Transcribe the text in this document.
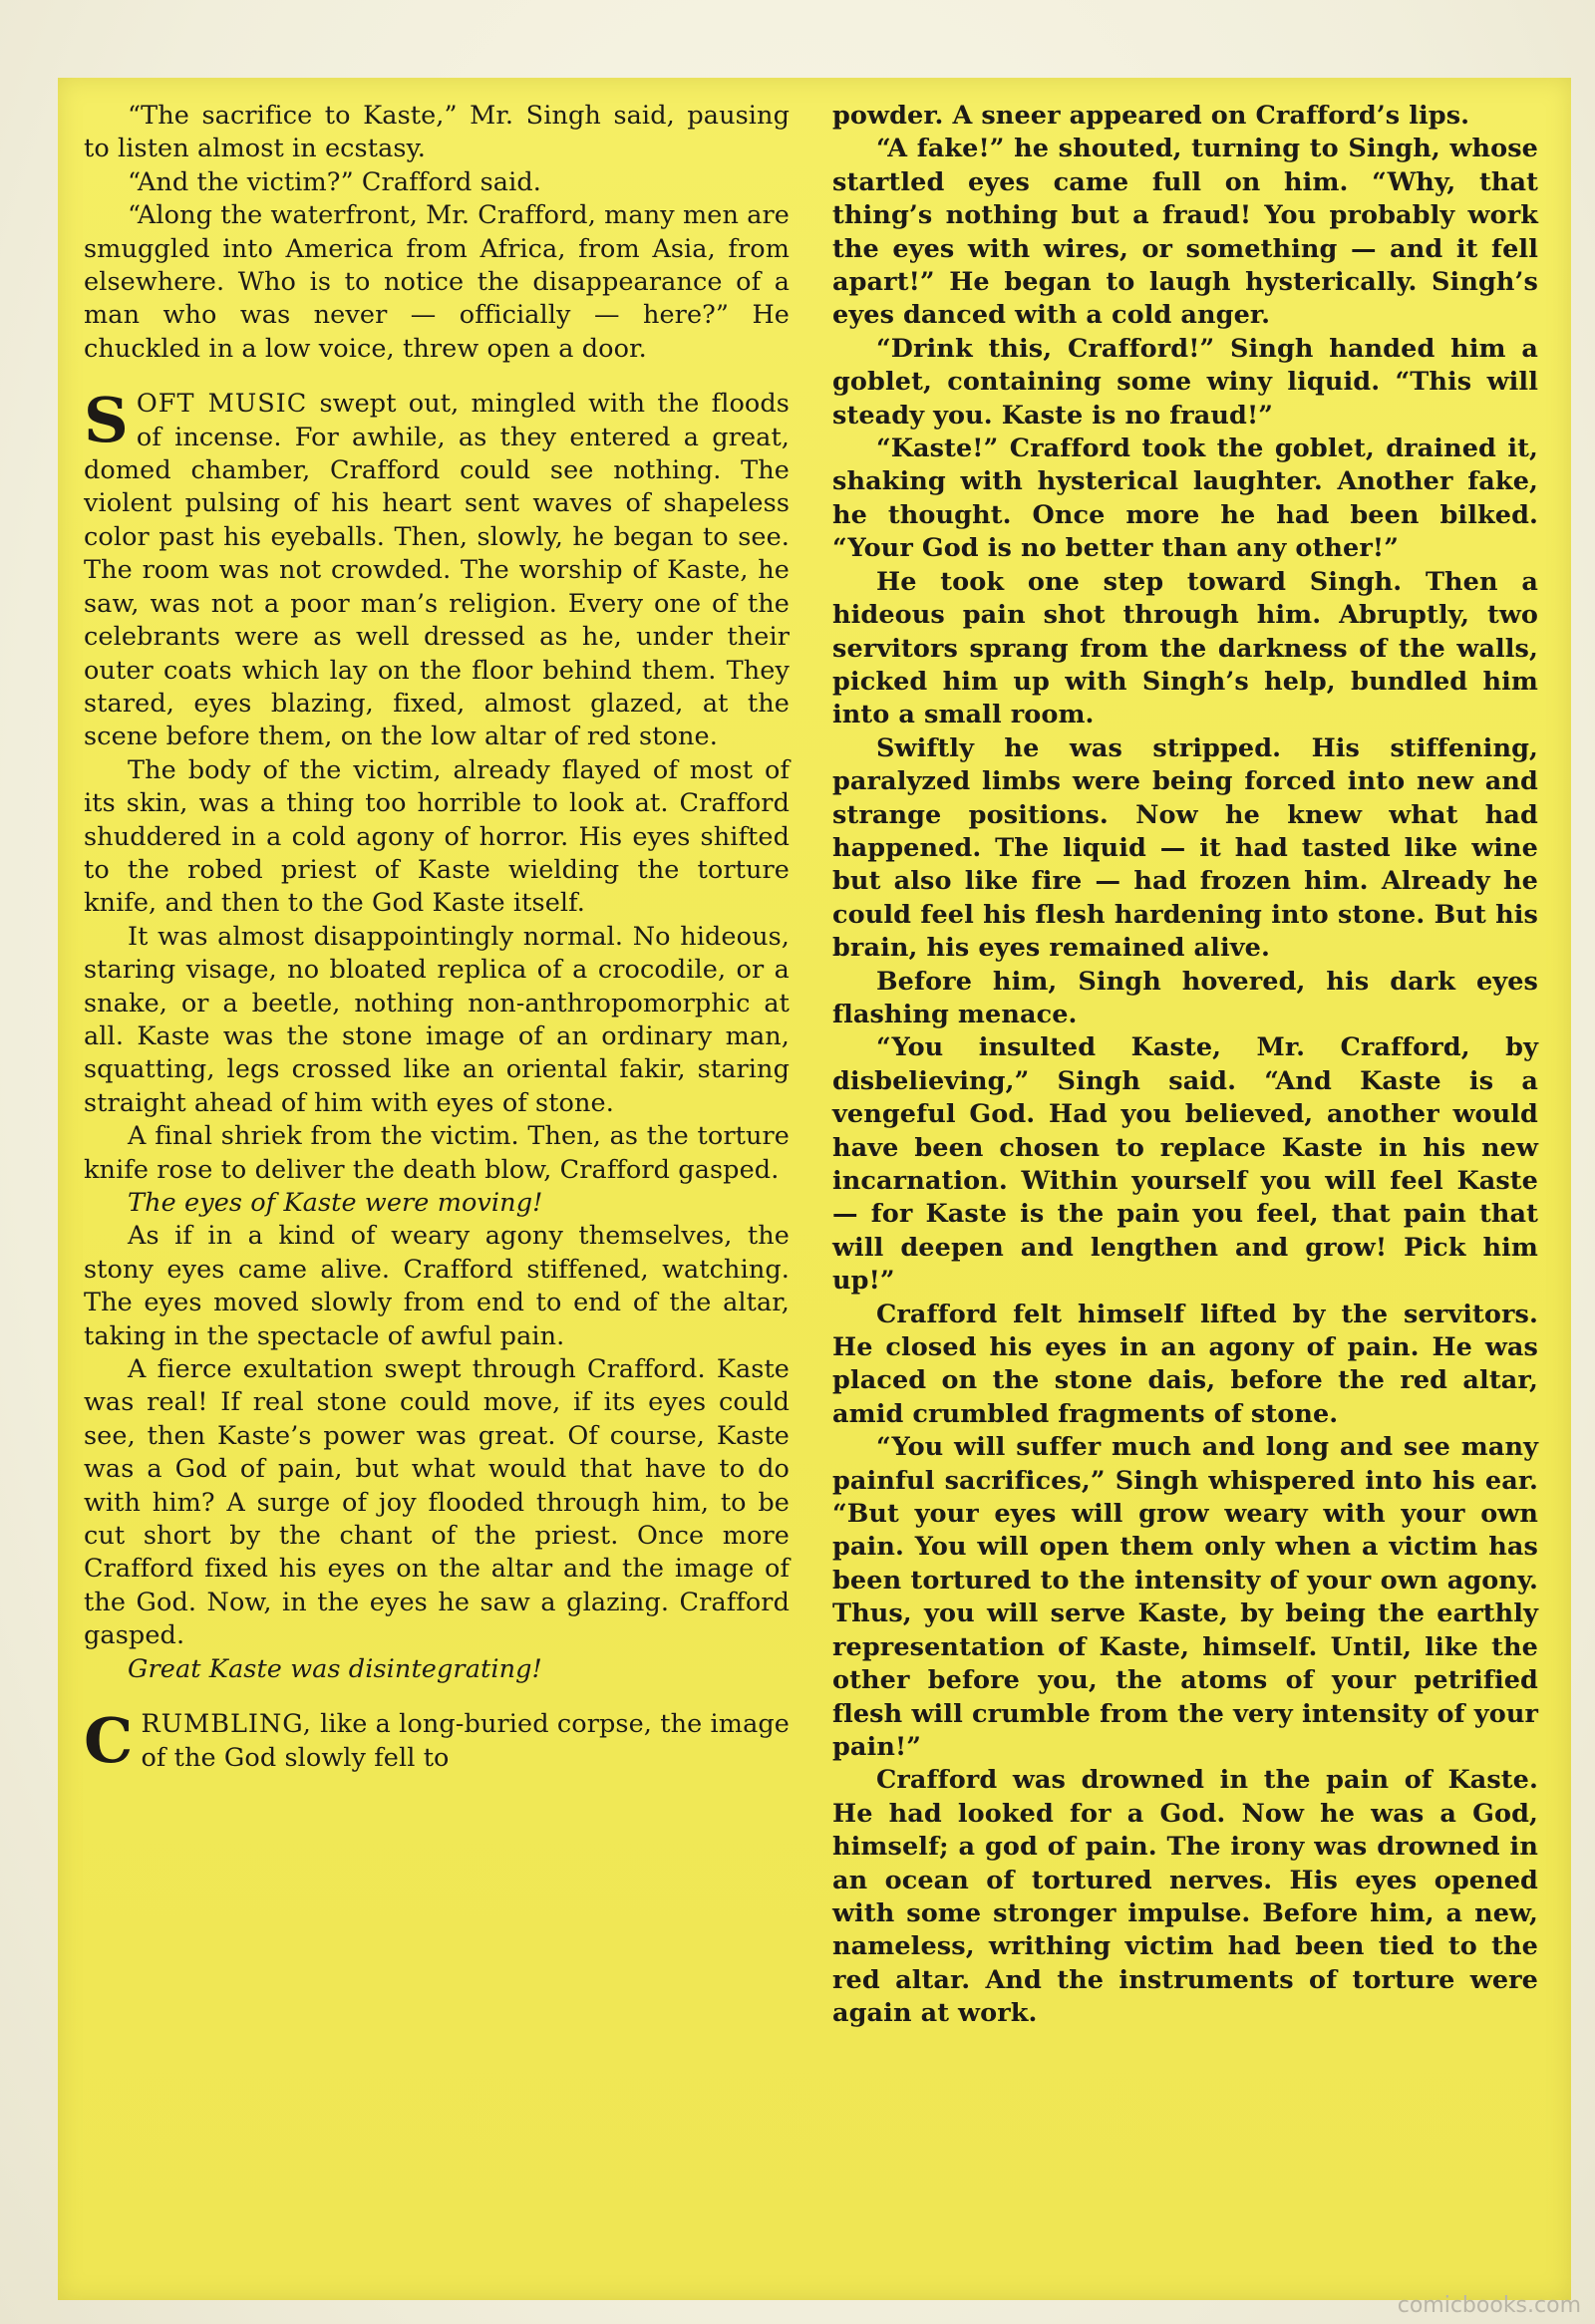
“The sacrifice to Kaste,” Mr. Singh said, pausing to listen almost in ecstasy.

“And the victim?” Crafford said.

“Along the waterfront, Mr. Crafford, many men are smuggled into America from Africa, from Asia, from elsewhere. Who is to notice the disappearance of a man who was never — officially — here?” He chuckled in a low voice, threw open a door.

SOFT MUSIC swept out, mingled with the floods of incense. For awhile, as they entered a great, domed chamber, Crafford could see nothing. The violent pulsing of his heart sent waves of shapeless color past his eyeballs. Then, slowly, he began to see. The room was not crowded. The worship of Kaste, he saw, was not a poor man’s religion. Every one of the celebrants were as well dressed as he, under their outer coats which lay on the floor behind them. They stared, eyes blazing, fixed, almost glazed, at the scene before them, on the low altar of red stone.

The body of the victim, already flayed of most of its skin, was a thing too horrible to look at. Crafford shuddered in a cold agony of horror. His eyes shifted to the robed priest of Kaste wielding the torture knife, and then to the God Kaste itself.

It was almost disappointingly normal. No hideous, staring visage, no bloated replica of a crocodile, or a snake, or a beetle, nothing non-anthropomorphic at all. Kaste was the stone image of an ordinary man, squatting, legs crossed like an oriental fakir, staring straight ahead of him with eyes of stone.

A final shriek from the victim. Then, as the torture knife rose to deliver the death blow, Crafford gasped.

The eyes of Kaste were moving!

As if in a kind of weary agony themselves, the stony eyes came alive. Crafford stiffened, watching. The eyes moved slowly from end to end of the altar, taking in the spectacle of awful pain.

A fierce exultation swept through Crafford. Kaste was real! If real stone could move, if its eyes could see, then Kaste’s power was great. Of course, Kaste was a God of pain, but what would that have to do with him? A surge of joy flooded through him, to be cut short by the chant of the priest. Once more Crafford fixed his eyes on the altar and the image of the God. Now, in the eyes he saw a glazing. Crafford gasped.

Great Kaste was disintegrating!

CRUMBLING, like a long-buried corpse, the image of the God slowly fell to

powder. A sneer appeared on Crafford’s lips.

“A fake!” he shouted, turning to Singh, whose startled eyes came full on him. “Why, that thing’s nothing but a fraud! You probably work the eyes with wires, or something — and it fell apart!” He began to laugh hysterically. Singh’s eyes danced with a cold anger.

“Drink this, Crafford!” Singh handed him a goblet, containing some winy liquid. “This will steady you. Kaste is no fraud!”

“Kaste!” Crafford took the goblet, drained it, shaking with hysterical laughter. Another fake, he thought. Once more he had been bilked. “Your God is no better than any other!”

He took one step toward Singh. Then a hideous pain shot through him. Abruptly, two servitors sprang from the darkness of the walls, picked him up with Singh’s help, bundled him into a small room.

Swiftly he was stripped. His stiffening, paralyzed limbs were being forced into new and strange positions. Now he knew what had happened. The liquid — it had tasted like wine but also like fire — had frozen him. Already he could feel his flesh hardening into stone. But his brain, his eyes remained alive.

Before him, Singh hovered, his dark eyes flashing menace.

“You insulted Kaste, Mr. Crafford, by disbelieving,” Singh said. “And Kaste is a vengeful God. Had you believed, another would have been chosen to replace Kaste in his new incarnation. Within yourself you will feel Kaste — for Kaste is the pain you feel, that pain that will deepen and lengthen and grow! Pick him up!”

Crafford felt himself lifted by the servitors. He closed his eyes in an agony of pain. He was placed on the stone dais, before the red altar, amid crumbled fragments of stone.

“You will suffer much and long and see many painful sacrifices,” Singh whispered into his ear. “But your eyes will grow weary with your own pain. You will open them only when a victim has been tortured to the intensity of your own agony. Thus, you will serve Kaste, by being the earthly representation of Kaste, himself. Until, like the other before you, the atoms of your petrified flesh will crumble from the very intensity of your pain!”

Crafford was drowned in the pain of Kaste. He had looked for a God. Now he was a God, himself; a god of pain. The irony was drowned in an ocean of tortured nerves. His eyes opened with some stronger impulse. Before him, a new, nameless, writhing victim had been tied to the red altar. And the instruments of torture were again at work.

comicbooks.com
